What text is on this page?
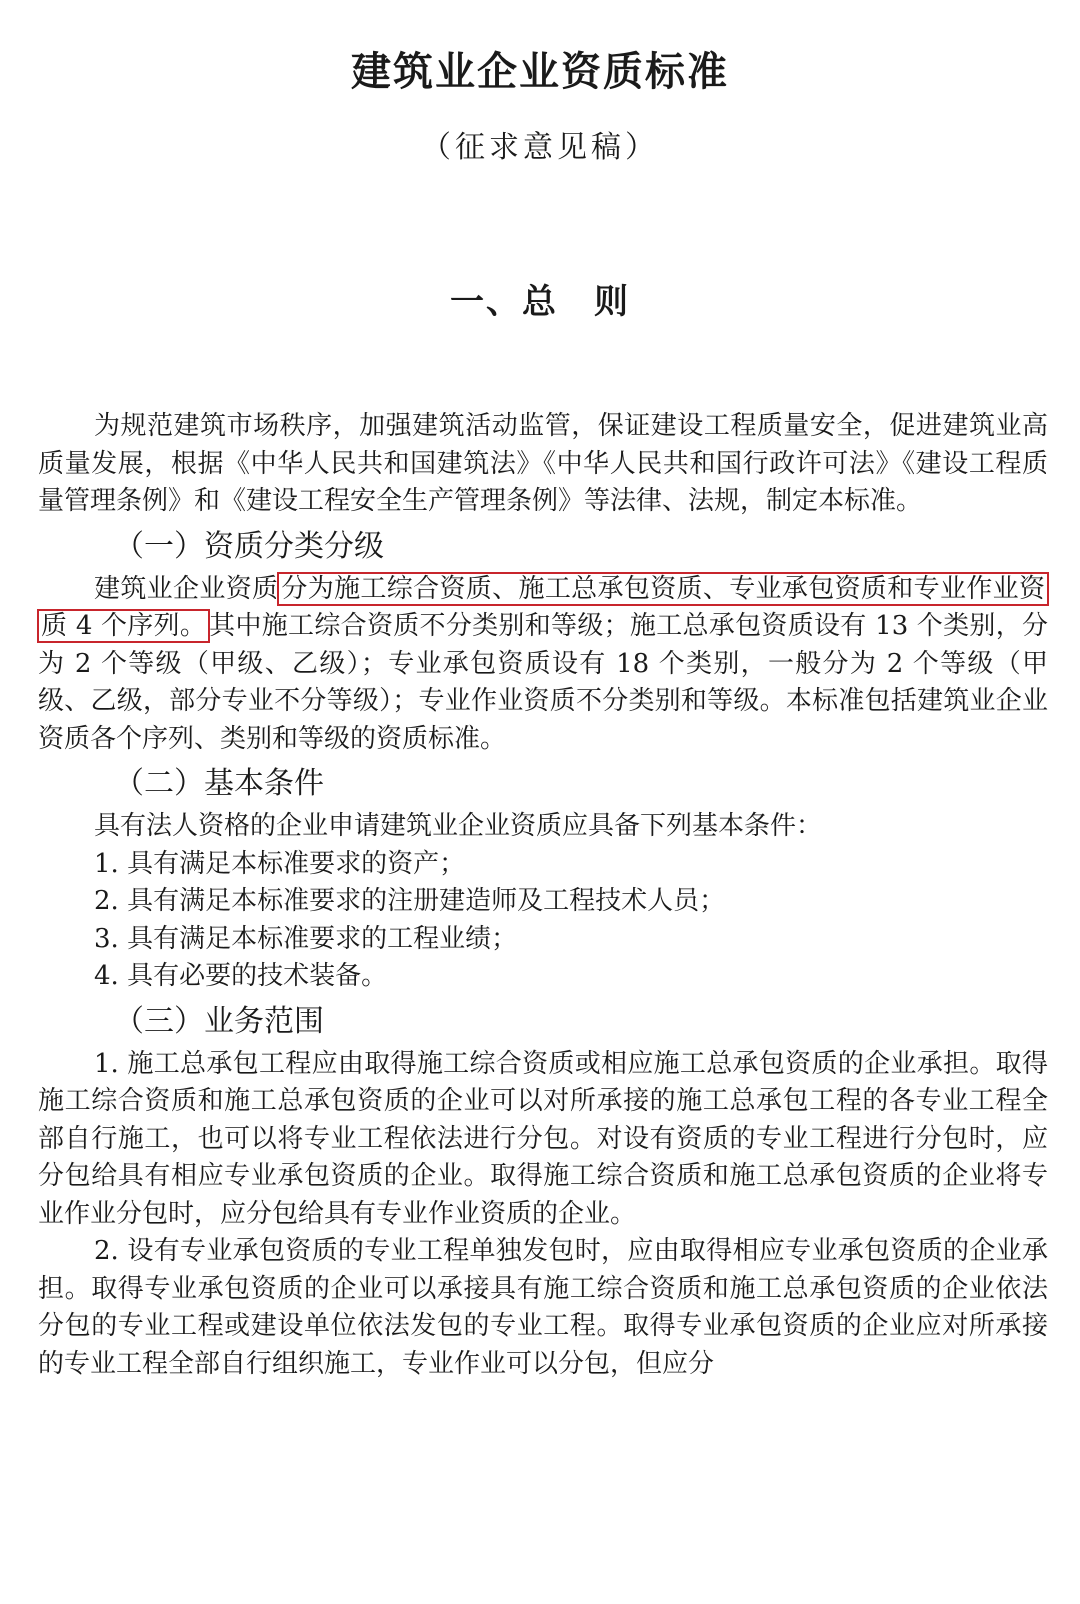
建筑业企业资质标准
（征求意见稿）
一、总　则

为规范建筑市场秩序，加强建筑活动监管，保证建设工程质量安全，促进建筑业高质量发展，根据《中华人民共和国建筑法》《中华人民共和国行政许可法》《建设工程质量管理条例》和《建设工程安全生产管理条例》等法律、法规，制定本标准。

（一）资质分类分级

建筑业企业资质 分为施工综合资质、施工总承包资质、专业承包资质和专业作业资质 4 个序列。 其中施工综合资质不分类别和等级；施工总承包资质设有 13 个类别，分为 2 个等级（甲级、乙级）；专业承包资质设有 18 个类别，一般分为 2 个等级（甲级、乙级，部分专业不分等级）；专业作业资质不分类别和等级。本标准包括建筑业企业资质各个序列、类别和等级的资质标准。

（二）基本条件

具有法人资格的企业申请建筑业企业资质应具备下列基本条件：

1. 具有满足本标准要求的资产；

2. 具有满足本标准要求的注册建造师及工程技术人员；

3. 具有满足本标准要求的工程业绩；

4. 具有必要的技术装备。

（三）业务范围

1. 施工总承包工程应由取得施工综合资质或相应施工总承包资质的企业承担。取得施工综合资质和施工总承包资质的企业可以对所承接的施工总承包工程的各专业工程全部自行施工，也可以将专业工程依法进行分包。对设有资质的专业工程进行分包时，应分包给具有相应专业承包资质的企业。取得施工综合资质和施工总承包资质的企业将专业作业分包时，应分包给具有专业作业资质的企业。

2. 设有专业承包资质的专业工程单独发包时，应由取得相应专业承包资质的企业承担。取得专业承包资质的企业可以承接具有施工综合资质和施工总承包资质的企业依法分包的专业工程或建设单位依法发包的专业工程。取得专业承包资质的企业应对所承接的专业工程全部自行组织施工，专业作业可以分包，但应分
